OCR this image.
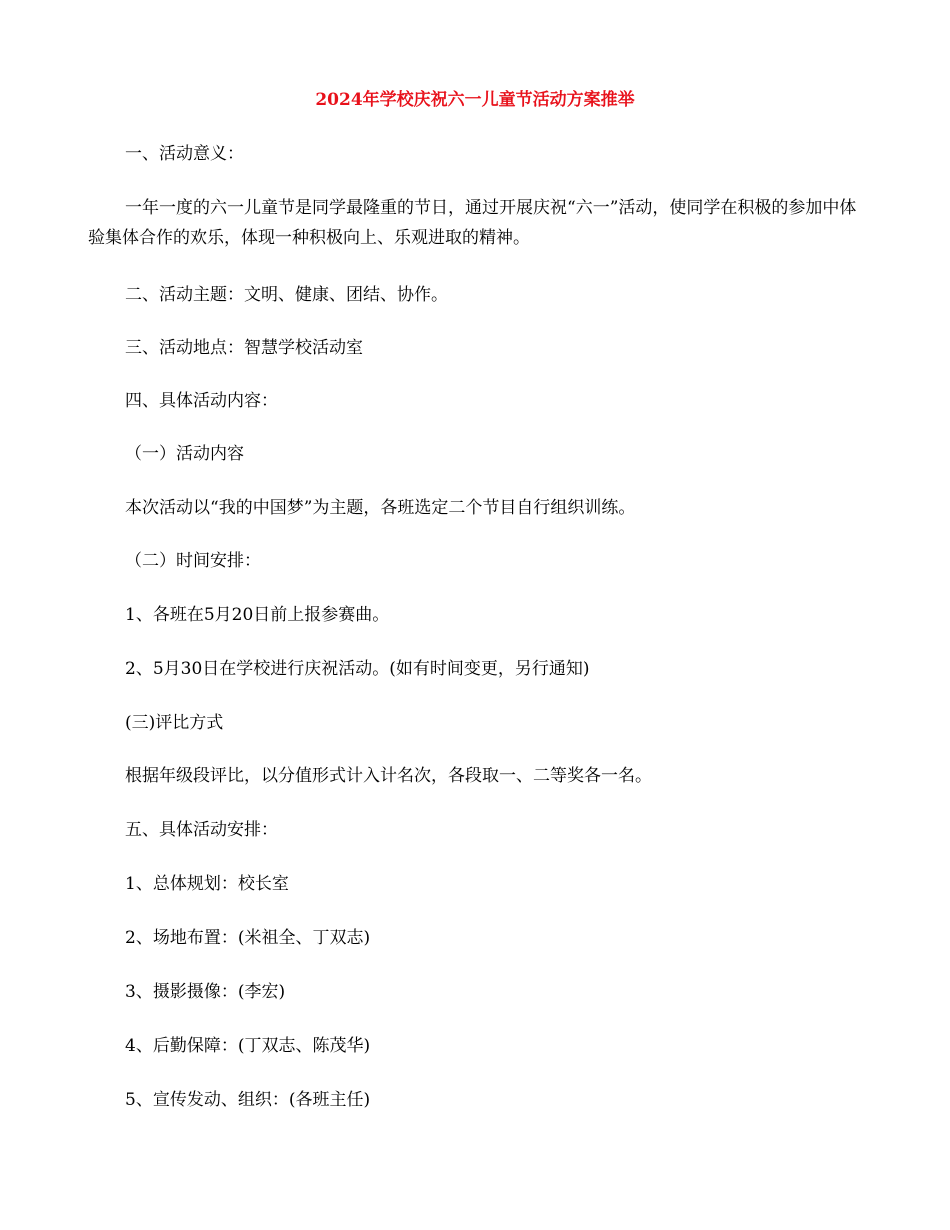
2024年学校庆祝六一儿童节活动方案推举
一、活动意义：
一年一度的六一儿童节是同学最隆重的节日，通过开展庆祝“六一”活动，使同学在积极的参加中体验集体合作的欢乐，体现一种积极向上、乐观进取的精神。
二、活动主题：文明、健康、团结、协作。
三、活动地点：智慧学校活动室
四、具体活动内容：
（一）活动内容
本次活动以“我的中国梦”为主题，各班选定二个节目自行组织训练。
（二）时间安排：
1、各班在5月20日前上报参赛曲。
2、5月30日在学校进行庆祝活动。(如有时间变更，另行通知)
(三)评比方式
根据年级段评比，以分值形式计入计名次，各段取一、二等奖各一名。
五、具体活动安排：
1、总体规划：校长室
2、场地布置：(米祖全、丁双志)
3、摄影摄像：(李宏)
4、后勤保障：(丁双志、陈茂华)
5、宣传发动、组织：(各班主任)
